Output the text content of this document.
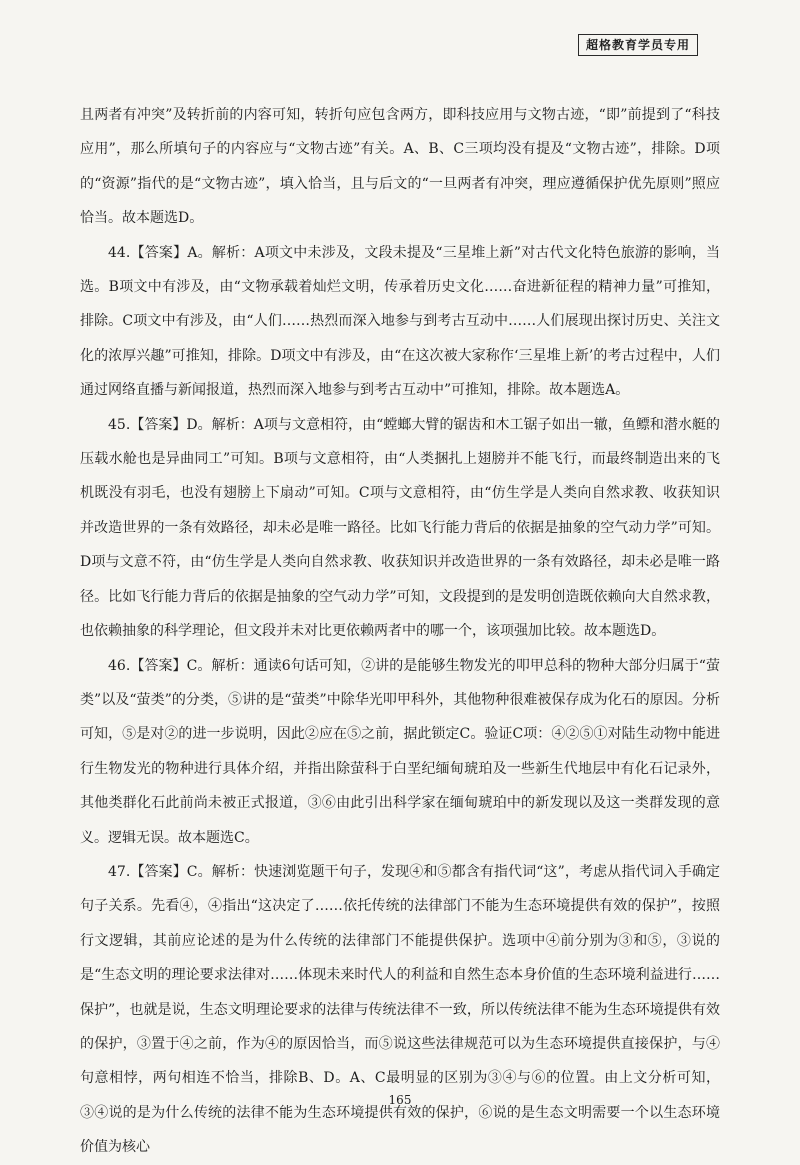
超格教育学员专用

且两者有冲突”及转折前的内容可知，转折句应包含两方，即科技应用与文物古迹，“即”前提到了“科技应用”，那么所填句子的内容应与“文物古迹”有关。A、B、C三项均没有提及“文物古迹”，排除。D项的“资源”指代的是“文物古迹”，填入恰当，且与后文的“一旦两者有冲突，理应遵循保护优先原则”照应恰当。故本题选D。

44.【答案】A。解析：A项文中未涉及，文段未提及“三星堆上新”对古代文化特色旅游的影响，当选。B项文中有涉及，由“文物承载着灿烂文明，传承着历史文化……奋进新征程的精神力量”可推知，排除。C项文中有涉及，由“人们……热烈而深入地参与到考古互动中……人们展现出探讨历史、关注文化的浓厚兴趣”可推知，排除。D项文中有涉及，由“在这次被大家称作‘三星堆上新’的考古过程中，人们通过网络直播与新闻报道，热烈而深入地参与到考古互动中”可推知，排除。故本题选A。

45.【答案】D。解析：A项与文意相符，由“螳螂大臂的锯齿和木工锯子如出一辙，鱼鳔和潜水艇的压载水舱也是异曲同工”可知。B项与文意相符，由“人类捆扎上翅膀并不能飞行，而最终制造出来的飞机既没有羽毛，也没有翅膀上下扇动”可知。C项与文意相符，由“仿生学是人类向自然求教、收获知识并改造世界的一条有效路径，却未必是唯一路径。比如飞行能力背后的依据是抽象的空气动力学”可知。D项与文意不符，由“仿生学是人类向自然求教、收获知识并改造世界的一条有效路径，却未必是唯一路径。比如飞行能力背后的依据是抽象的空气动力学”可知，文段提到的是发明创造既依赖向大自然求教，也依赖抽象的科学理论，但文段并未对比更依赖两者中的哪一个，该项强加比较。故本题选D。

46.【答案】C。解析：通读6句话可知，②讲的是能够生物发光的叩甲总科的物种大部分归属于“萤类”以及“萤类”的分类，⑤讲的是“萤类”中除华光叩甲科外，其他物种很难被保存成为化石的原因。分析可知，⑤是对②的进一步说明，因此②应在⑤之前，据此锁定C。验证C项：④②⑤①对陆生动物中能进行生物发光的物种进行具体介绍，并指出除萤科于白垩纪缅甸琥珀及一些新生代地层中有化石记录外，其他类群化石此前尚未被正式报道，③⑥由此引出科学家在缅甸琥珀中的新发现以及这一类群发现的意义。逻辑无误。故本题选C。

47.【答案】C。解析：快速浏览题干句子，发现④和⑤都含有指代词“这”，考虑从指代词入手确定句子关系。先看④，④指出“这决定了……依托传统的法律部门不能为生态环境提供有效的保护”，按照行文逻辑，其前应论述的是为什么传统的法律部门不能提供保护。选项中④前分别为③和⑤，③说的是“生态文明的理论要求法律对……体现未来时代人的利益和自然生态本身价值的生态环境利益进行……保护”，也就是说，生态文明理论要求的法律与传统法律不一致，所以传统法律不能为生态环境提供有效的保护，③置于④之前，作为④的原因恰当，而⑤说这些法律规范可以为生态环境提供直接保护，与④句意相悖，两句相连不恰当，排除B、D。A、C最明显的区别为③④与⑥的位置。由上文分析可知，③④说的是为什么传统的法律不能为生态环境提供有效的保护，⑥说的是生态文明需要一个以生态环境价值为核心

165
